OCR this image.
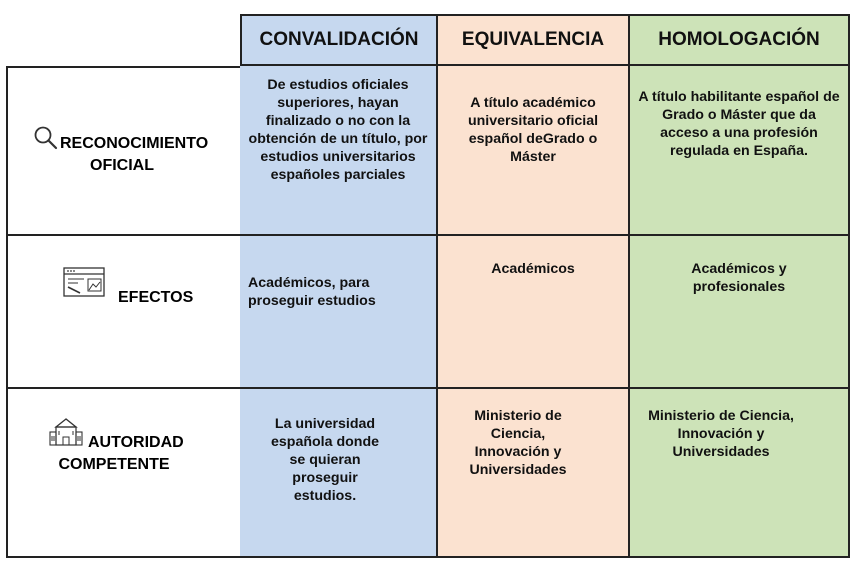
CONVALIDACIÓN EQUIVALENCIA	HOMOLOGACIÓN
RECONOCIMIENTO
OFICIAL
EFECTOS
AUTORIDAD
COMPETENTE
De estudios oficiales superiores, hayan finalizado o no con la obtención de un título, por estudios universitarios españoles parciales
A título académico universitario oficial español deGrado o Máster
A título habilitante español de Grado o Máster que da acceso a una profesión regulada en España.
Académicos, para proseguir estudios
Académicos	Académicos y profesionales
La universidad española donde se quieran proseguir estudios.
Ministerio de Ciencia, Innovación y Universidades
Ministerio de Ciencia, Innovación y Universidades
